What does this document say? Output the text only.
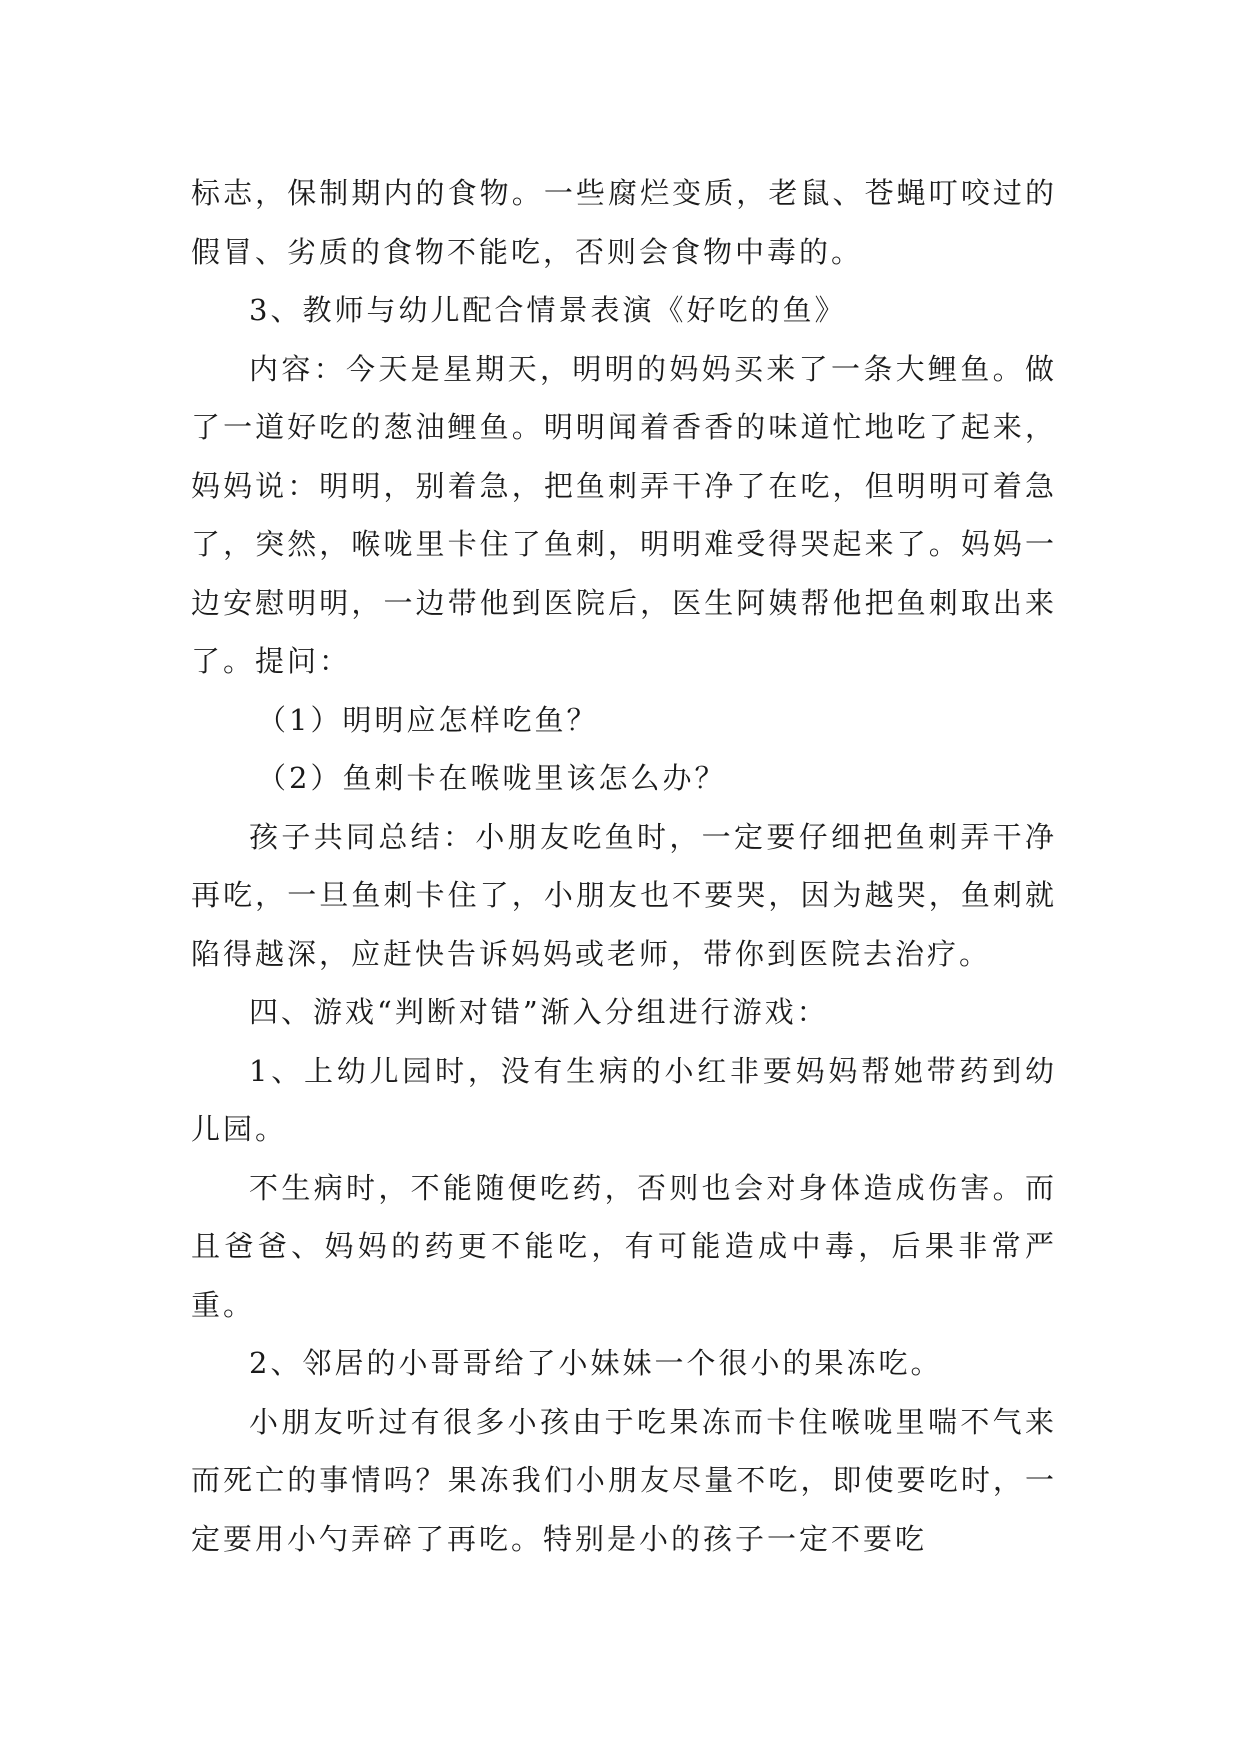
标志，保制期内的食物。一些腐烂变质，老鼠、苍蝇叮咬过的假冒、劣质的食物不能吃，否则会食物中毒的。

3、教师与幼儿配合情景表演《好吃的鱼》

内容：今天是星期天，明明的妈妈买来了一条大鲤鱼。做了一道好吃的葱油鲤鱼。明明闻着香香的味道忙地吃了起来，妈妈说：明明，别着急，把鱼刺弄干净了在吃，但明明可着急了，突然，喉咙里卡住了鱼刺，明明难受得哭起来了。妈妈一边安慰明明，一边带他到医院后，医生阿姨帮他把鱼刺取出来了。提问：

（1）明明应怎样吃鱼？

（2）鱼刺卡在喉咙里该怎么办？

孩子共同总结：小朋友吃鱼时，一定要仔细把鱼刺弄干净再吃，一旦鱼刺卡住了，小朋友也不要哭，因为越哭，鱼刺就陷得越深，应赶快告诉妈妈或老师，带你到医院去治疗。

四、游戏“判断对错”渐入分组进行游戏：

1、上幼儿园时，没有生病的小红非要妈妈帮她带药到幼儿园。

不生病时，不能随便吃药，否则也会对身体造成伤害。而且爸爸、妈妈的药更不能吃，有可能造成中毒，后果非常严重。

2、邻居的小哥哥给了小妹妹一个很小的果冻吃。

小朋友听过有很多小孩由于吃果冻而卡住喉咙里喘不气来而死亡的事情吗？果冻我们小朋友尽量不吃，即使要吃时，一定要用小勺弄碎了再吃。特别是小的孩子一定不要吃
